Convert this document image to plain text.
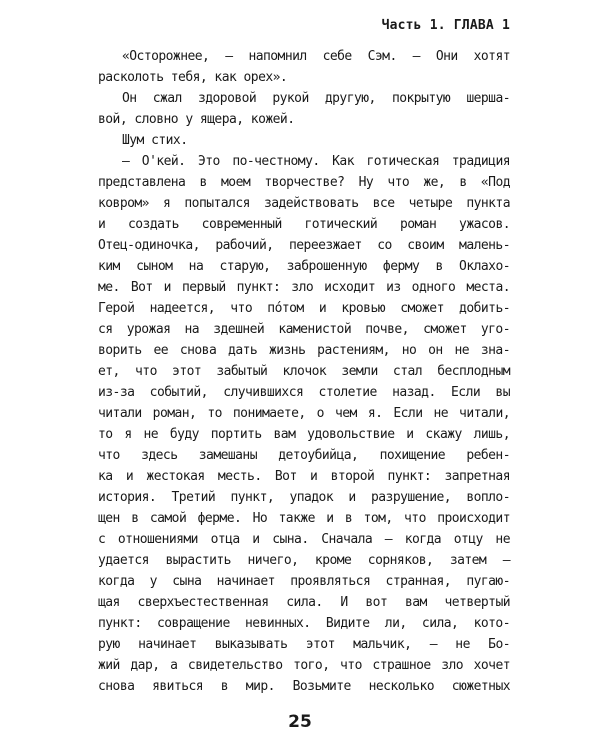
Часть 1. ГЛАВА 1
«Осторожнее, — напомнил себе Сэм. — Они хотят
расколоть тебя, как орех».
Он сжал здоровой рукой другую, покрытую шерша-
вой, словно у ящера, кожей.
Шум стих.
— О'кей. Это по-честному. Как готическая традиция
представлена в моем творчестве? Ну что же, в «Под
ковром» я попытался задействовать все четыре пункта
и создать современный готический роман ужасов.
Отец-одиночка, рабочий, переезжает со своим малень-
ким сыном на старую, заброшенную ферму в Оклахо-
ме. Вот и первый пункт: зло исходит из одного места.
Герой надеется, что пóтом и кровью сможет добить-
ся урожая на здешней каменистой почве, сможет уго-
ворить ее снова дать жизнь растениям, но он не зна-
ет, что этот забытый клочок земли стал бесплодным
из-за событий, случившихся столетие назад. Если вы
читали роман, то понимаете, о чем я. Если не читали,
то я не буду портить вам удовольствие и скажу лишь,
что здесь замешаны детоубийца, похищение ребен-
ка и жестокая месть. Вот и второй пункт: запретная
история. Третий пункт, упадок и разрушение, вопло-
щен в самой ферме. Но также и в том, что происходит
с отношениями отца и сына. Сначала — когда отцу не
удается вырастить ничего, кроме сорняков, затем —
когда у сына начинает проявляться странная, пугаю-
щая сверхъестественная сила. И вот вам четвертый
пункт: совращение невинных. Видите ли, сила, кото-
рую начинает выказывать этот мальчик, — не Бо-
жий дар, а свидетельство того, что страшное зло хочет
снова явиться в мир. Возьмите несколько сюжетных
25
